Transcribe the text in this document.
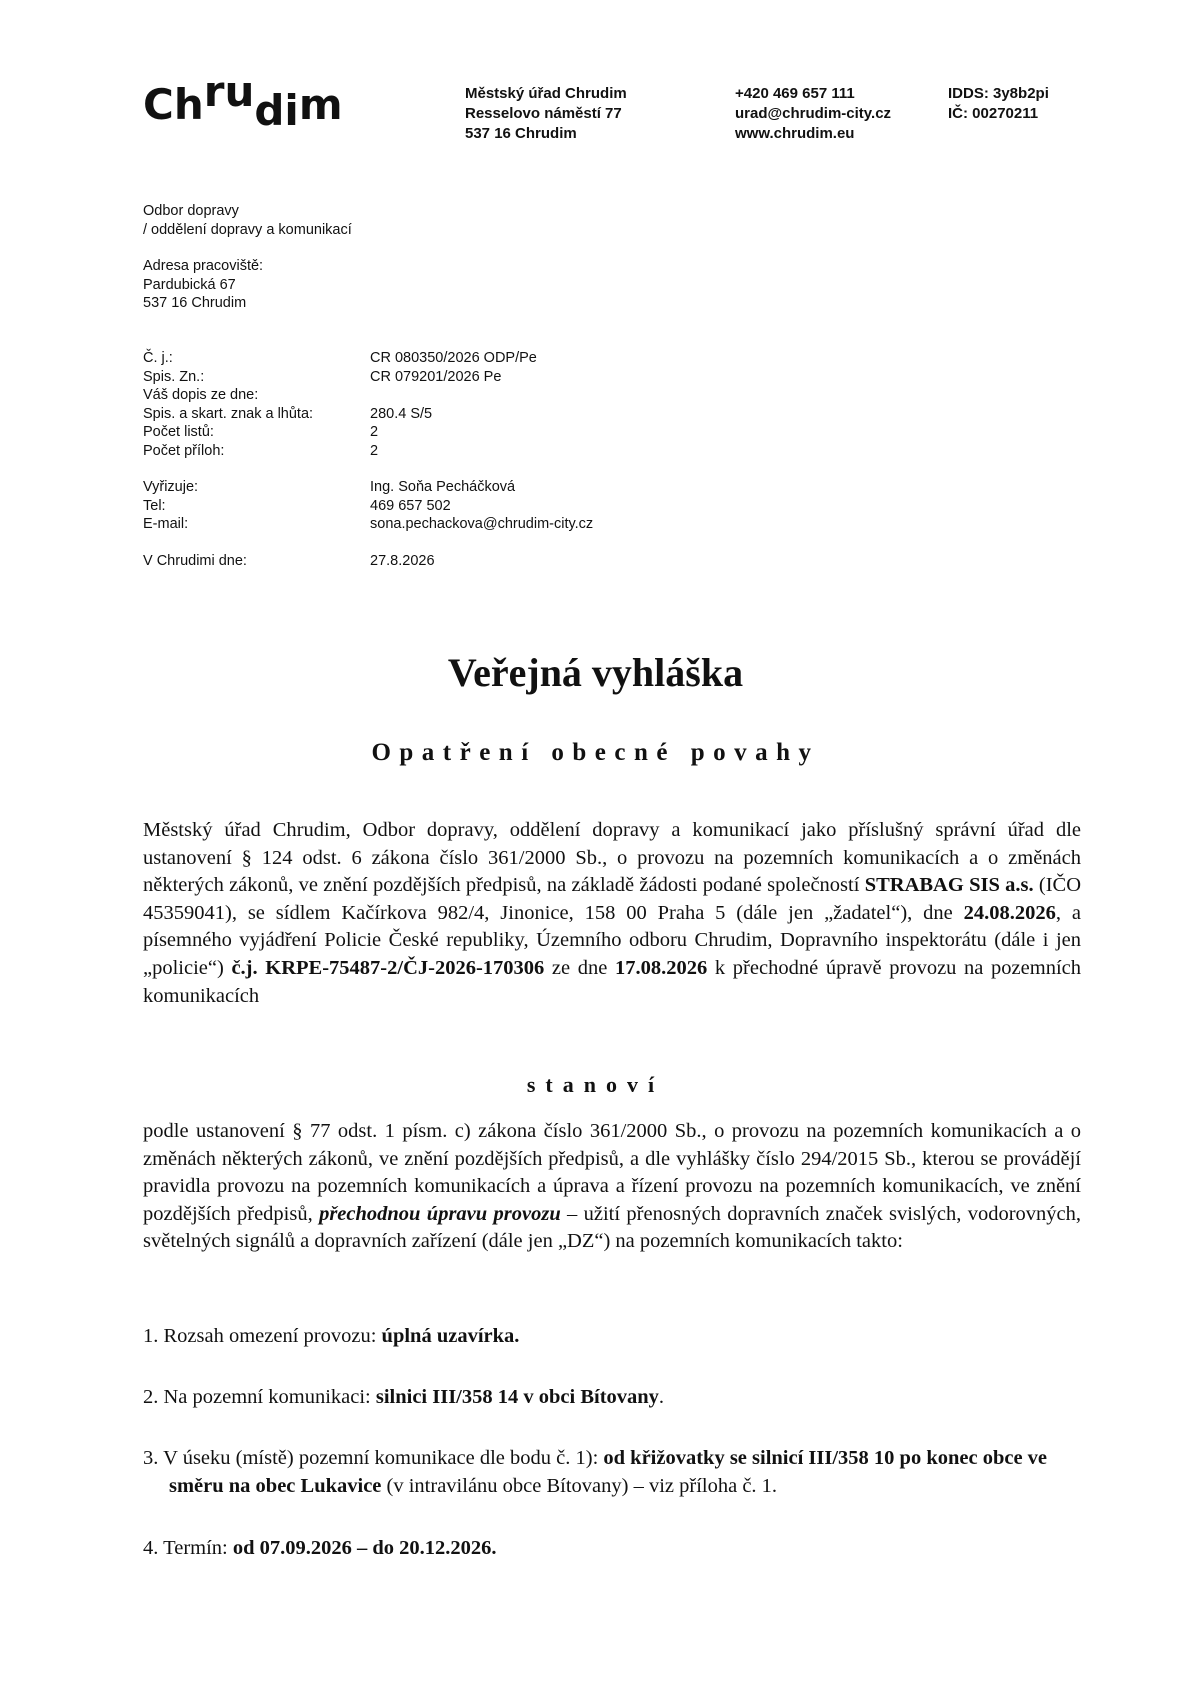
Chrudim	Městský úřad Chrudim
Resselovo náměstí 77
537 16 Chrudim
+420 469 657 111
urad@chrudim-city.cz
www.chrudim.eu
IDDS: 3y8b2pi
IČ: 00270211
Odbor dopravy
/ oddělení dopravy a komunikací
Adresa pracoviště:
Pardubická 67
537 16 Chrudim
Č. j.:	CR 080350/2026 ODP/Pe
Spis. Zn.:	CR 079201/2026 Pe
Váš dopis ze dne:
Spis. a skart. znak a lhůta:	280.4 S/5
Počet listů:	2
Počet příloh:	2
Vyřizuje:	Ing. Soňa Pecháčková
Tel:	469 657 502
E-mail:	sona.pechackova@chrudim-city.cz
V Chrudimi dne:	27.8.2026
Veřejná vyhláška
Opatření obecné povahy
Městský úřad Chrudim, Odbor dopravy, oddělení dopravy a komunikací jako příslušný správní úřad dle ustanovení § 124 odst. 6 zákona číslo 361/2000 Sb., o provozu na pozemních komunikacích a o změnách některých zákonů, ve znění pozdějších předpisů, na základě žádosti podané společností STRABAG SIS a.s. (IČO 45359041), se sídlem Kačírkova 982/4, Jinonice, 158 00 Praha 5 (dále jen „žadatel“), dne 24.08.2026, a písemného vyjádření Policie České republiky, Územního odboru Chrudim, Dopravního inspektorátu (dále i jen „policie“) č.j. KRPE-75487-2/ČJ-2026-170306 ze dne 17.08.2026 k přechodné úpravě provozu na pozemních komunikacích
stanoví
podle ustanovení § 77 odst. 1 písm. c) zákona číslo 361/2000 Sb., o provozu na pozemních komunikacích a o změnách některých zákonů, ve znění pozdějších předpisů, a dle vyhlášky číslo 294/2015 Sb., kterou se provádějí pravidla provozu na pozemních komunikacích a úprava a řízení provozu na pozemních komunikacích, ve znění pozdějších předpisů, přechodnou úpravu provozu – užití přenosných dopravních značek svislých, vodorovných, světelných signálů a dopravních zařízení (dále jen „DZ“) na pozemních komunikacích takto:
1. Rozsah omezení provozu: úplná uzavírka.
2. Na pozemní komunikaci: silnici III/358 14 v obci Bítovany.
3. V úseku (místě) pozemní komunikace dle bodu č. 1): od křižovatky se silnicí III/358 10 po konec obce ve směru na obec Lukavice (v intravilánu obce Bítovany) – viz příloha č. 1.
4. Termín: od 07.09.2026 – do 20.12.2026.
